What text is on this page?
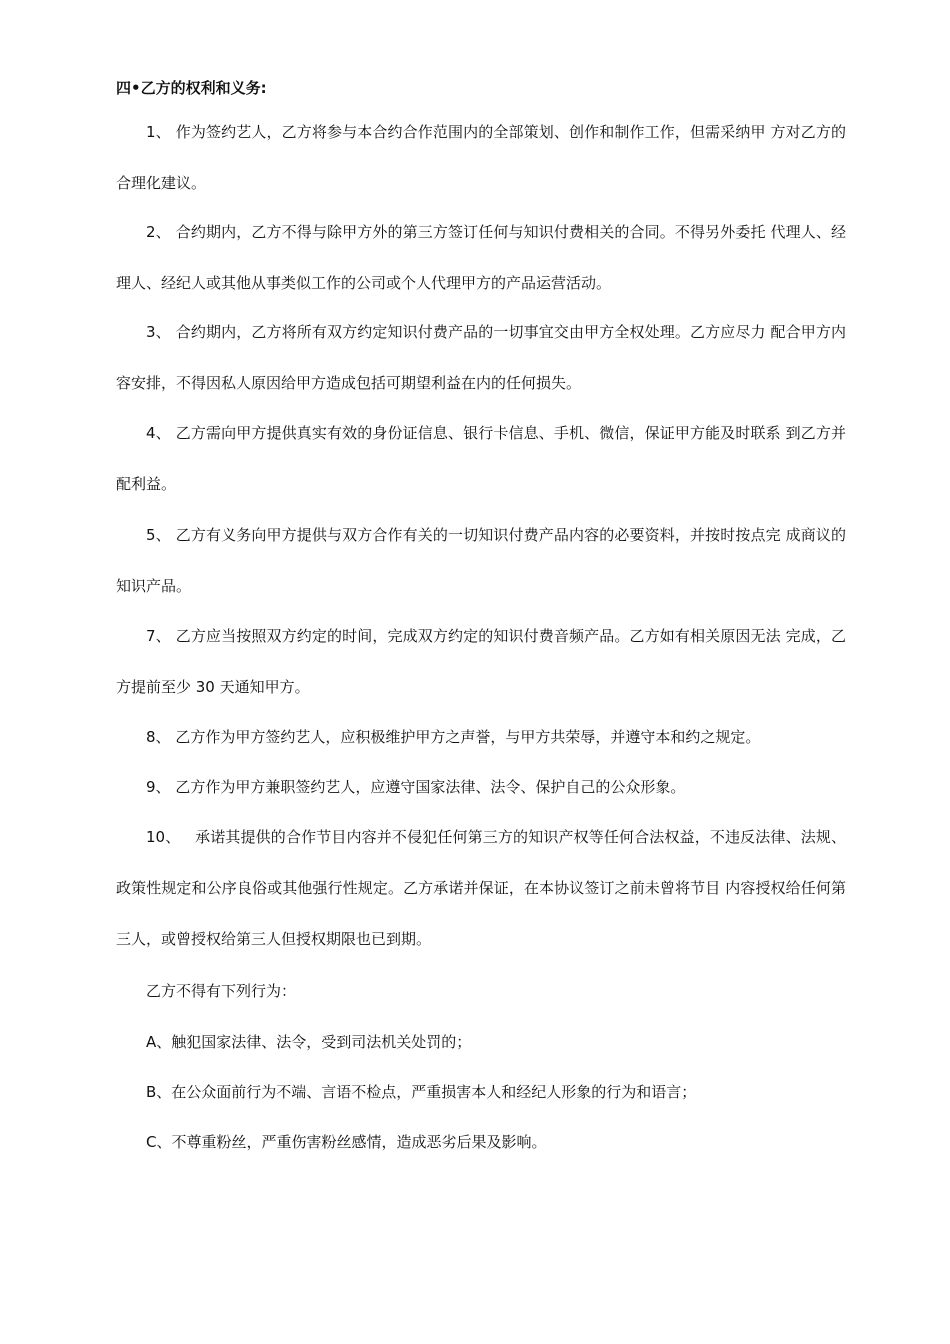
四•乙方的权利和义务:

1、 作为签约艺人，乙方将参与本合约合作范围内的全部策划、创作和制作工作，但需采纳甲 方对乙方的合理化建议。

2、 合约期内，乙方不得与除甲方外的第三方签订任何与知识付费相关的合同。不得另外委托 代理人、经理人、经纪人或其他从事类似工作的公司或个人代理甲方的产品运营活动。

3、 合约期内，乙方将所有双方约定知识付费产品的一切事宜交由甲方全权处理。乙方应尽力 配合甲方内容安排，不得因私人原因给甲方造成包括可期望利益在内的任何损失。

4、 乙方需向甲方提供真实有效的身份证信息、银行卡信息、手机、微信，保证甲方能及时联系 到乙方并配利益。

5、 乙方有义务向甲方提供与双方合作有关的一切知识付费产品内容的必要资料，并按时按点完 成商议的知识产品。

7、 乙方应当按照双方约定的时间，完成双方约定的知识付费音频产品。乙方如有相关原因无法 完成，乙方提前至少 30 天通知甲方。

8、 乙方作为甲方签约艺人，应积极维护甲方之声誉，与甲方共荣辱，并遵守本和约之规定。

9、 乙方作为甲方兼职签约艺人，应遵守国家法律、法令、保护自己的公众形象。

10、 承诺其提供的合作节目内容并不侵犯任何第三方的知识产权等任何合法权益，不违反法律、法规、政策性规定和公序良俗或其他强行性规定。乙方承诺并保证，在本协议签订之前未曾将节目 内容授权给任何第三人，或曾授权给第三人但授权期限也已到期。

乙方不得有下列行为：

A、触犯国家法律、法令，受到司法机关处罚的；

B、在公众面前行为不端、言语不检点，严重损害本人和经纪人形象的行为和语言；

C、不尊重粉丝，严重伤害粉丝感情，造成恶劣后果及影响。
